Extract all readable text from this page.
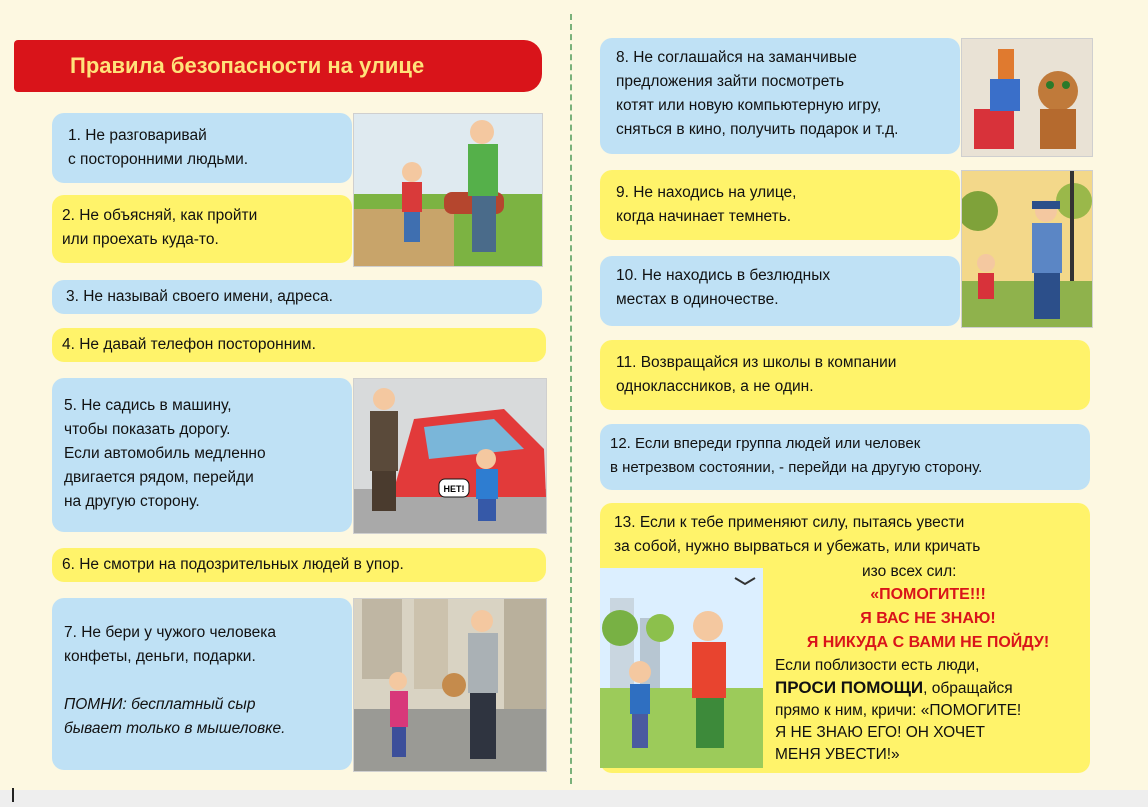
Правила безопасности на улице
1. Не разговаривай
с посторонними людьми.
2. Не объясняй, как пройти
или проехать куда-то.
3. Не называй своего имени, адреса.
4. Не давай телефон посторонним.
5. Не садись в машину,
чтобы показать дорогу.
Если автомобиль медленно
двигается рядом, перейди
на другую сторону.
НЕТ!
6. Не смотри на подозрительных людей в упор.
7. Не бери у чужого человека
конфеты, деньги, подарки.
ПОМНИ: бесплатный сыр
бывает только в мышеловке.
8. Не соглашайся на заманчивые
предложения зайти посмотреть
котят или новую компьютерную игру,
сняться в кино, получить подарок и т.д.
9. Не находись на улице,
когда начинает темнеть.
10. Не находись в безлюдных
местах в одиночестве.
11. Возвращайся из школы в компании
одноклассников, а не один.
12. Если впереди группа людей или человек
в нетрезвом состоянии, - перейди на другую сторону.
13. Если к тебе применяют силу, пытаясь увести
за собой, нужно вырваться и убежать, или кричать
изо всех сил:
«ПОМОГИТЕ!!!
Я ВАС НЕ ЗНАЮ!
Я НИКУДА С ВАМИ НЕ ПОЙДУ!
Если поблизости есть люди,
ПРОСИ ПОМОЩИ, обращайся
прямо к ним, кричи: «ПОМОГИТЕ!
Я НЕ ЗНАЮ ЕГО! ОН ХОЧЕТ
МЕНЯ УВЕСТИ!»
